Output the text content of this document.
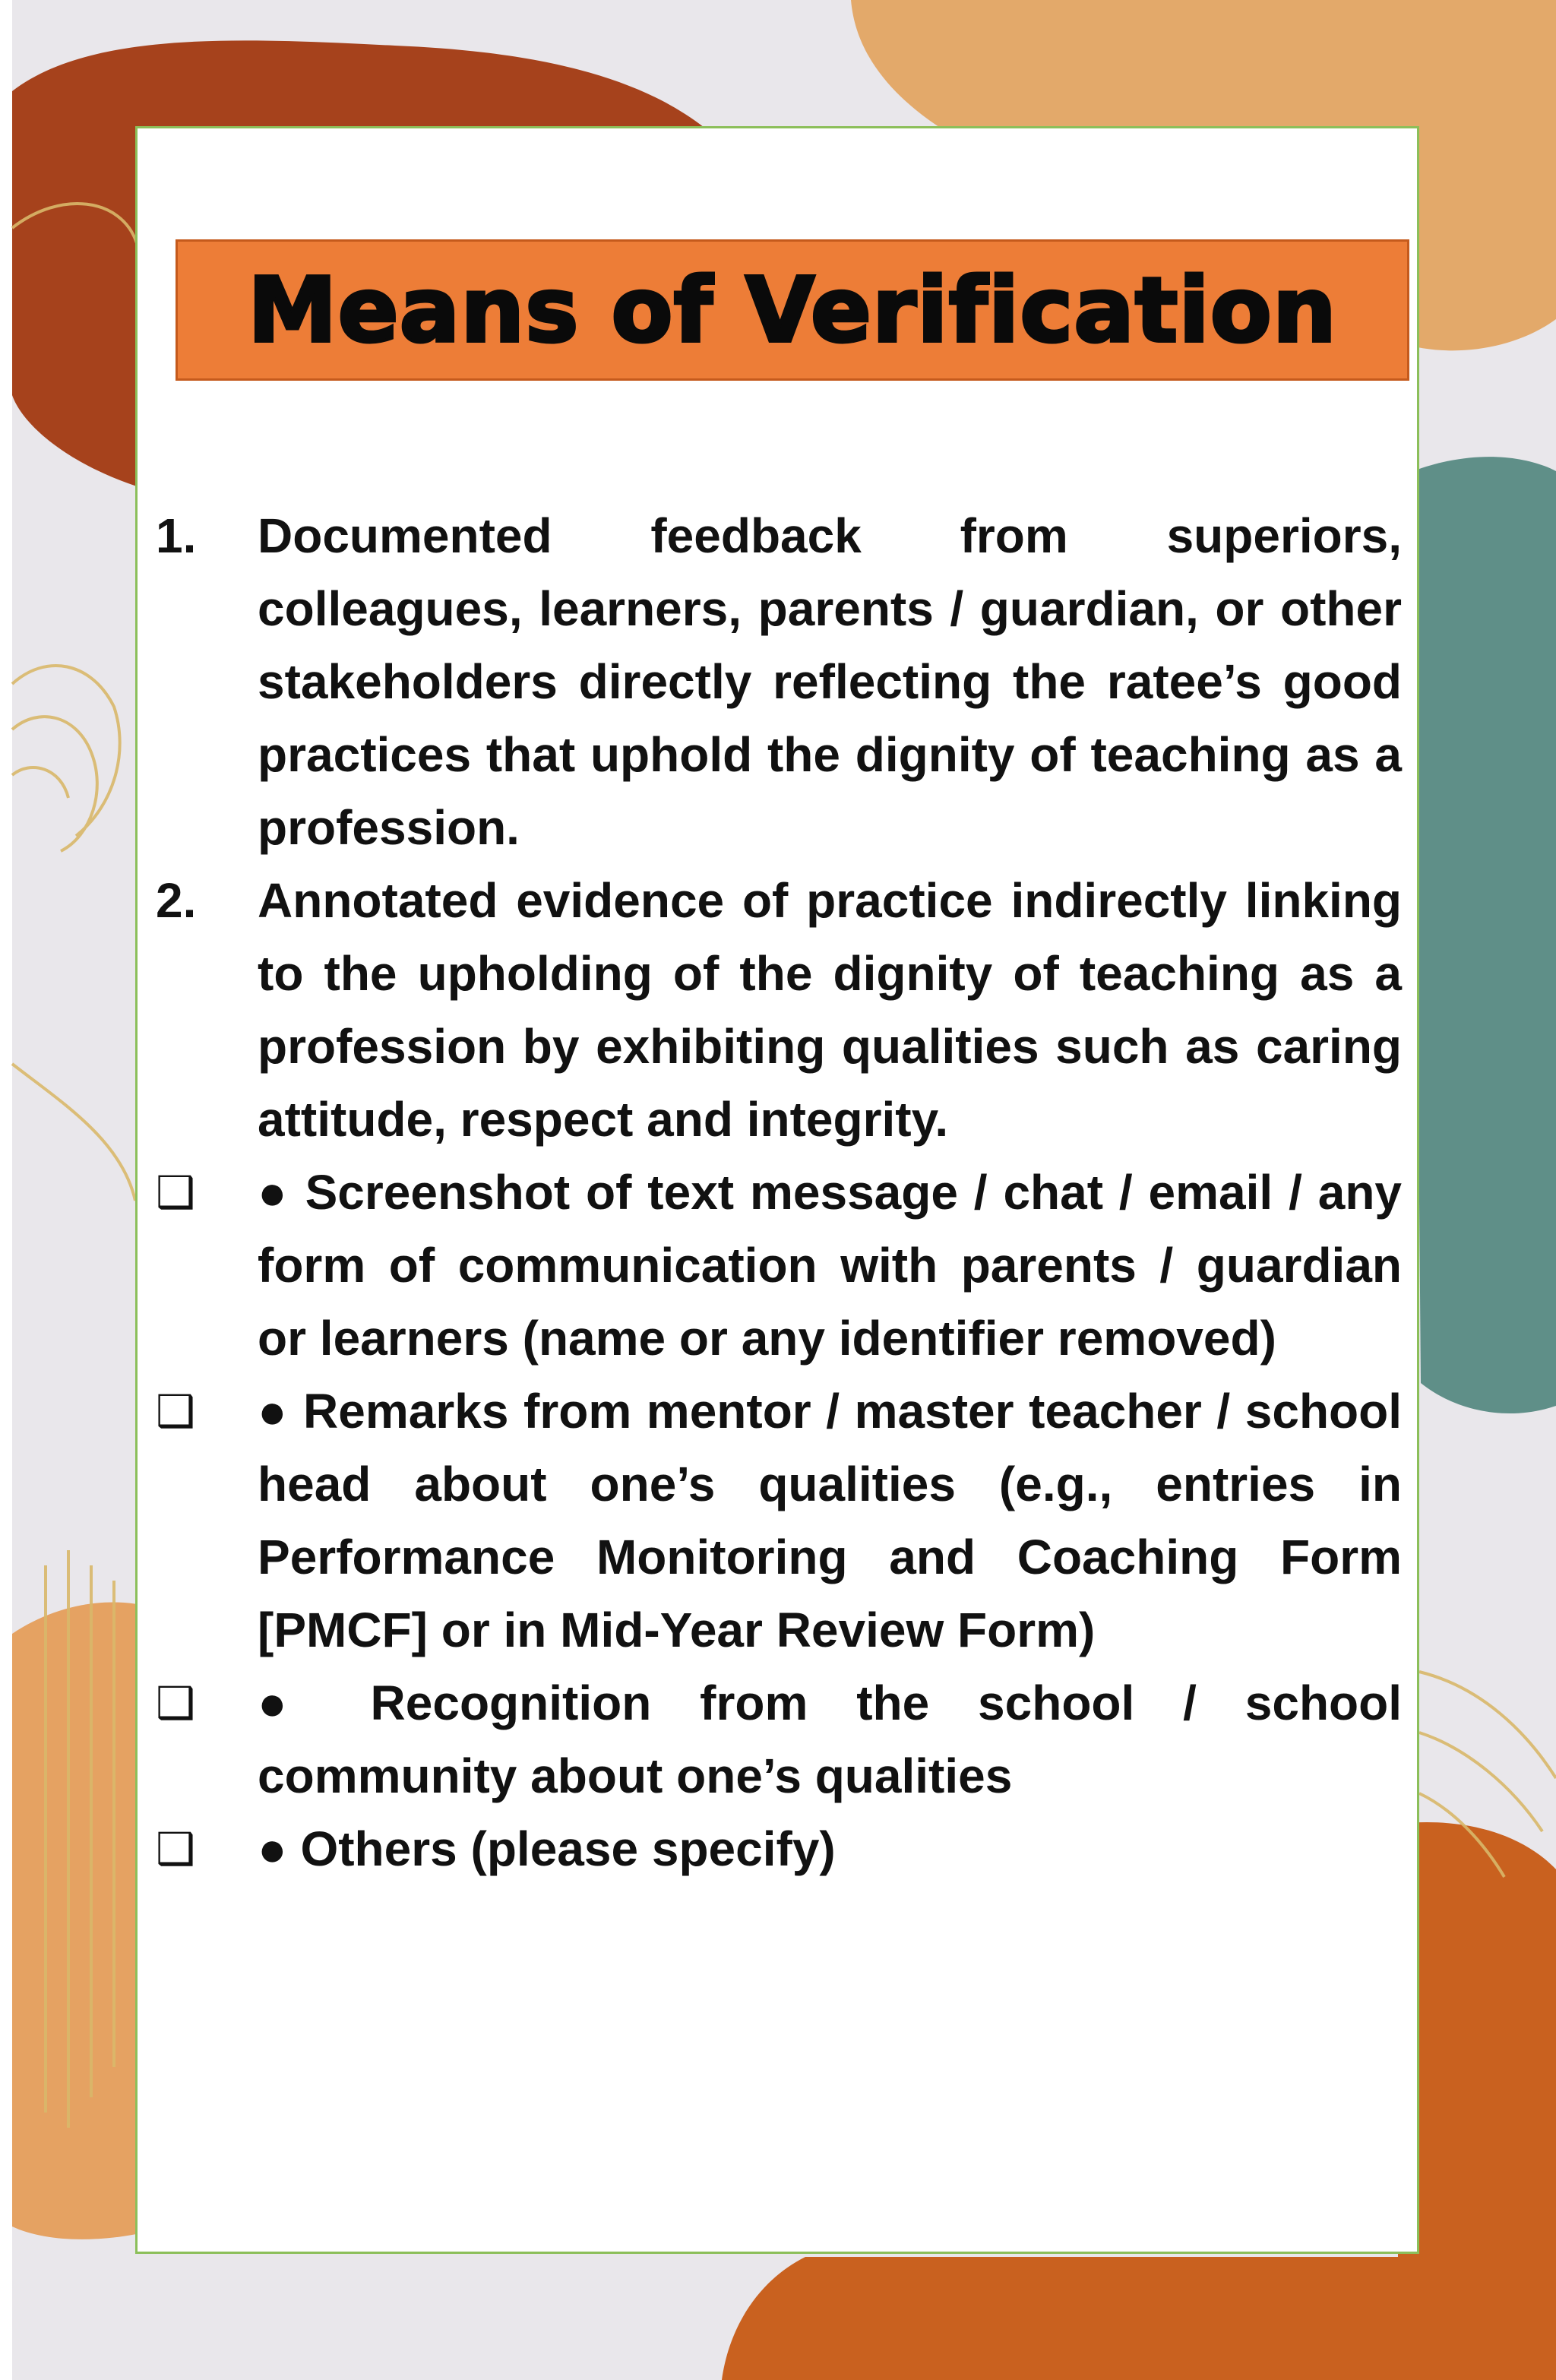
Means of Verification
1.	Documented feedback from superiors, colleagues, learners, parents / guardian, or other stakeholders directly reflecting the ratee’s good practices that uphold the dignity of teaching as a profession.
2.	Annotated evidence of practice indirectly linking to the upholding of the dignity of teaching as a profession by exhibiting qualities such as caring attitude, respect and integrity.
❑	● Screenshot of text message / chat / email / any form of communication with parents / guardian or learners (name or any identifier removed)
❑	● Remarks from mentor / master teacher / school head about one’s qualities (e.g., entries in Performance Monitoring and Coaching Form [PMCF] or in Mid-Year Review Form)
❑	● Recognition from the school / school community about one’s qualities
❑	● Others (please specify)
